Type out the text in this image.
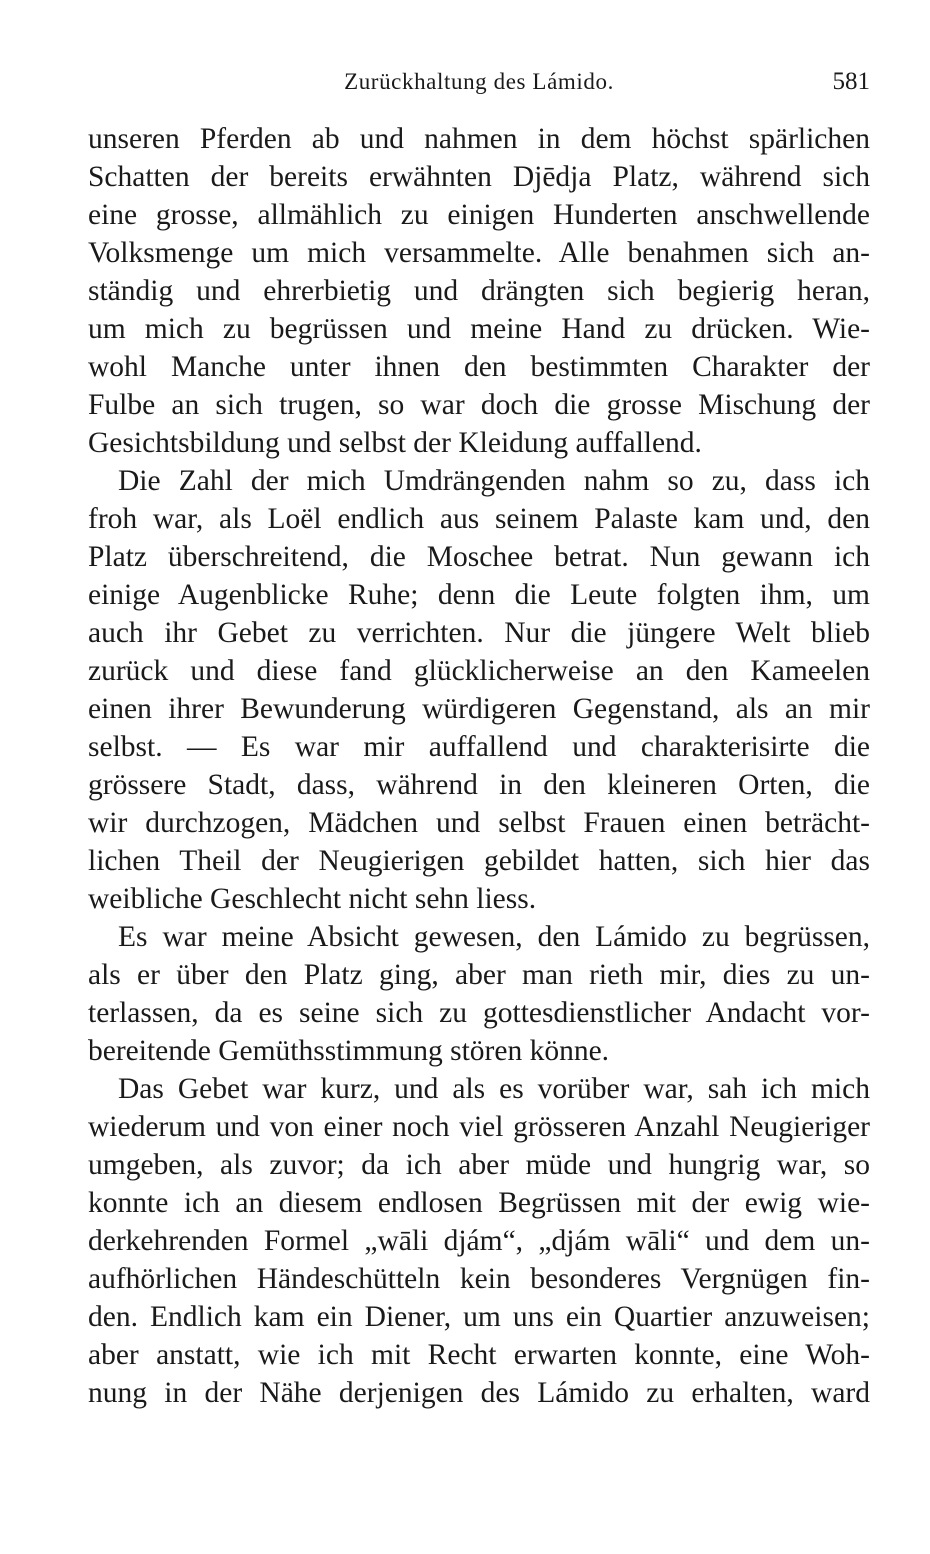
Zurückhaltung des Lámido.	581
unseren Pferden ab und nahmen in dem höchst spärlichen
Schatten der bereits erwähnten Djēdja Platz, während sich
eine grosse, allmählich zu einigen Hunderten anschwellende
Volksmenge um mich versammelte. Alle benahmen sich an-
ständig und ehrerbietig und drängten sich begierig heran,
um mich zu begrüssen und meine Hand zu drücken. Wie-
wohl Manche unter ihnen den bestimmten Charakter der
Fulbe an sich trugen, so war doch die grosse Mischung der
Gesichtsbildung und selbst der Kleidung auffallend.
Die Zahl der mich Umdrängenden nahm so zu, dass ich
froh war, als Loël endlich aus seinem Palaste kam und, den
Platz überschreitend, die Moschee betrat. Nun gewann ich
einige Augenblicke Ruhe; denn die Leute folgten ihm, um
auch ihr Gebet zu verrichten. Nur die jüngere Welt blieb
zurück und diese fand glücklicherweise an den Kameelen
einen ihrer Bewunderung würdigeren Gegenstand, als an mir
selbst. — Es war mir auffallend und charakterisirte die
grössere Stadt, dass, während in den kleineren Orten, die
wir durchzogen, Mädchen und selbst Frauen einen beträcht-
lichen Theil der Neugierigen gebildet hatten, sich hier das
weibliche Geschlecht nicht sehn liess.
Es war meine Absicht gewesen, den Lámido zu begrüssen,
als er über den Platz ging, aber man rieth mir, dies zu un-
terlassen, da es seine sich zu gottesdienstlicher Andacht vor-
bereitende Gemüthsstimmung stören könne.
Das Gebet war kurz, und als es vorüber war, sah ich mich
wiederum und von einer noch viel grösseren Anzahl Neugieriger
umgeben, als zuvor; da ich aber müde und hungrig war, so
konnte ich an diesem endlosen Begrüssen mit der ewig wie-
derkehrenden Formel „wāli djám“, „djám wāli“ und dem un-
aufhörlichen Händeschütteln kein besonderes Vergnügen fin-
den. Endlich kam ein Diener, um uns ein Quartier anzuweisen;
aber anstatt, wie ich mit Recht erwarten konnte, eine Woh-
nung in der Nähe derjenigen des Lámido zu erhalten, ward
